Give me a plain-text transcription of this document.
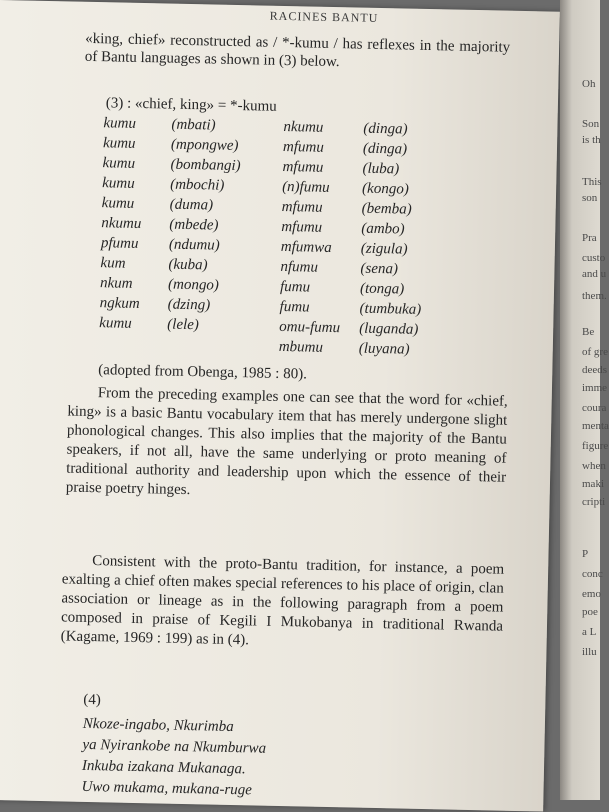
RACINES BANTU
«king, chief» reconstructed as / *-kumu / has reflexes in the majority of Bantu languages as shown in (3) below.
(3) : «chief, king» = *-kumu
kumu (mbati)	nkumu	(dinga)
kumu (mpongwe)	mfumu	(dinga)
kumu (bombangi)	mfumu	(luba)
kumu (mbochi)	(n)fumu (kongo)
kumu (duma)	mfumu	(bemba)
nkumu (mbede)	mfumu	(ambo)
pfumu (ndumu)	mfumwa (zigula)
kum	(kuba)	nfumu	(sena)
nkum (mongo)	fumu	(tonga)
ngkum (dzing)	fumu	(tumbuka)
kumu (lele)	omu-fumu (luganda)
mbumu (luyana)
(adopted from Obenga, 1985 : 80).
From the preceding examples one can see that the word for «chief, king» is a basic Bantu vocabulary item that has merely undergone slight phonological changes. This also implies that the majority of the Bantu speakers, if not all, have the same underlying or proto meaning of traditional authority and leadership upon which the essence of their praise poetry hinges.
Consistent with the proto-Bantu tradition, for instance, a poem exalting a chief often makes special references to his place of origin, clan association or lineage as in the following paragraph from a poem composed in praise of Kegili I Mukobanya in traditional Rwanda (Kagame, 1969 : 199) as in (4).
(4)
Nkoze-ingabo, Nkurimba
ya Nyirankobe na Nkumburwa
Inkuba izakana Mukanaga.
Uwo mukama, mukana-ruge
Oh
Son
is th
This
son
Pra
custo
and u
them.
Be
of gre
deeds
imme
coura
menta
figure
when
maki
cripti
P
conc
emo
poe
a L
illu
